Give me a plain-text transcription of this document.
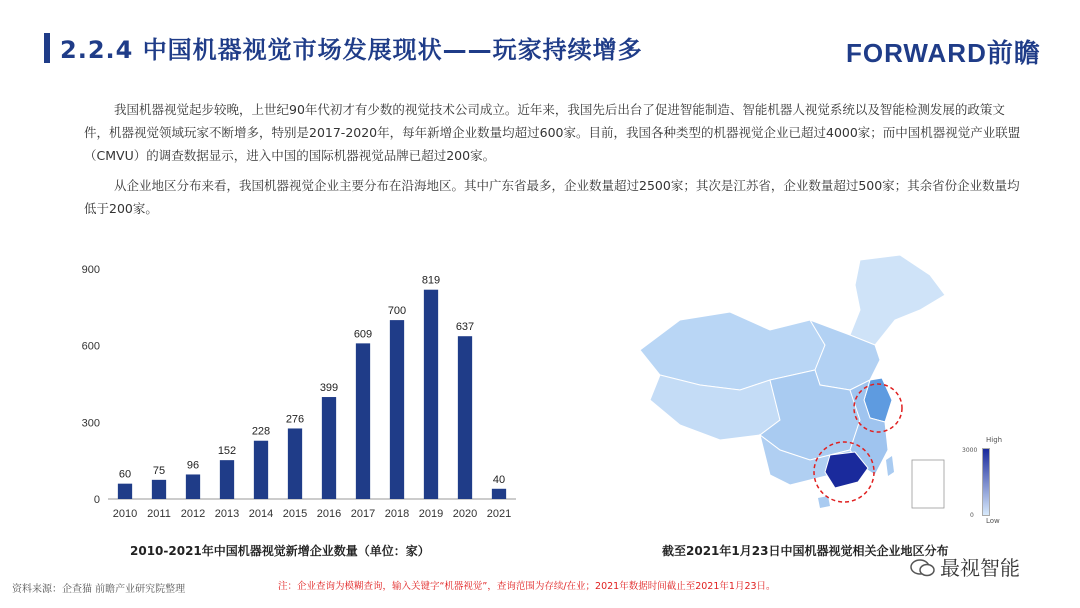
2.2.4 中国机器视觉市场发展现状——玩家持续增多	FORWARD前瞻
我国机器视觉起步较晚，上世纪90年代初才有少数的视觉技术公司成立。近年来，我国先后出台了促进智能制造、智能机器人视觉系统以及智能检测发展的政策文件，机器视觉领域玩家不断增多，特别是2017-2020年，每年新增企业数量均超过600家。目前，我国各种类型的机器视觉企业已超过4000家；而中国机器视觉产业联盟（CMVU）的调查数据显示，进入中国的国际机器视觉品牌已超过200家。
从企业地区分布来看，我国机器视觉企业主要分布在沿海地区。其中广东省最多，企业数量超过2500家；其次是江苏省，企业数量超过500家；其余省份企业数量均低于200家。
0
300
600
900
60 75 96
152
228
276
399
609
700
819
637
40
2010 2011 2012 2013 2014 2015 2016 2017 2018 2019 2020 2021
2010-2021年中国机器视觉新增企业数量（单位：家）
High
3000
0
Low
截至2021年1月23日中国机器视觉相关企业地区分布
资料来源：企查猫 前瞻产业研究院整理	注：企业查询为模糊查询，输入关键字“机器视觉”，查询范围为存续/在业；2021年数据时间截止至2021年1月23日。
最视智能
